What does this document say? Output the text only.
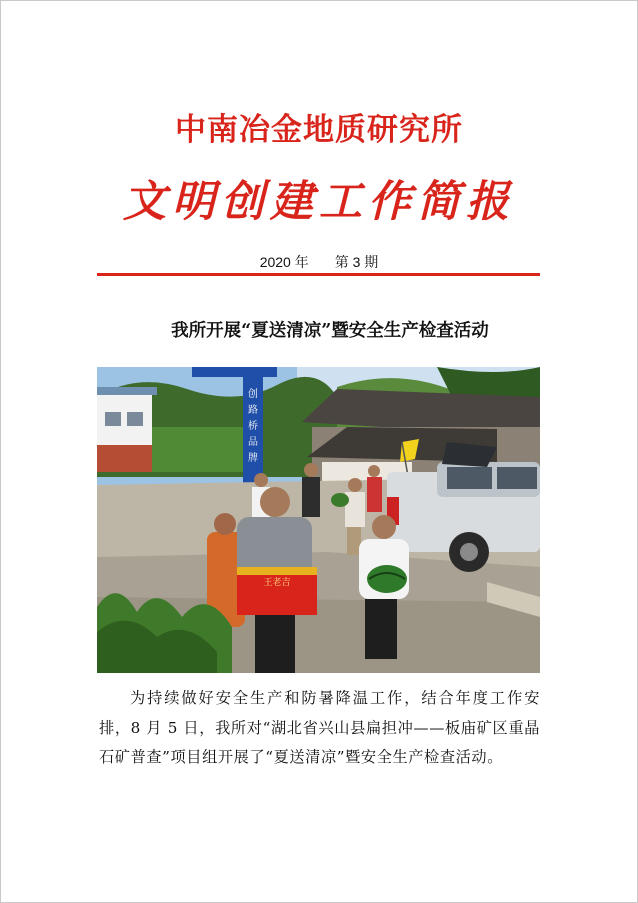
中南冶金地质研究所
文明创建工作简报
2020 年 第 3 期
我所开展“夏送清凉”暨安全生产检查活动
创路桥品牌
王老吉

为持续做好安全生产和防暑降温工作，结合年度工作安排，8 月 5 日，我所对“湖北省兴山县扁担冲——板庙矿区重晶石矿普查”项目组开展了“夏送清凉”暨安全生产检查活动。
